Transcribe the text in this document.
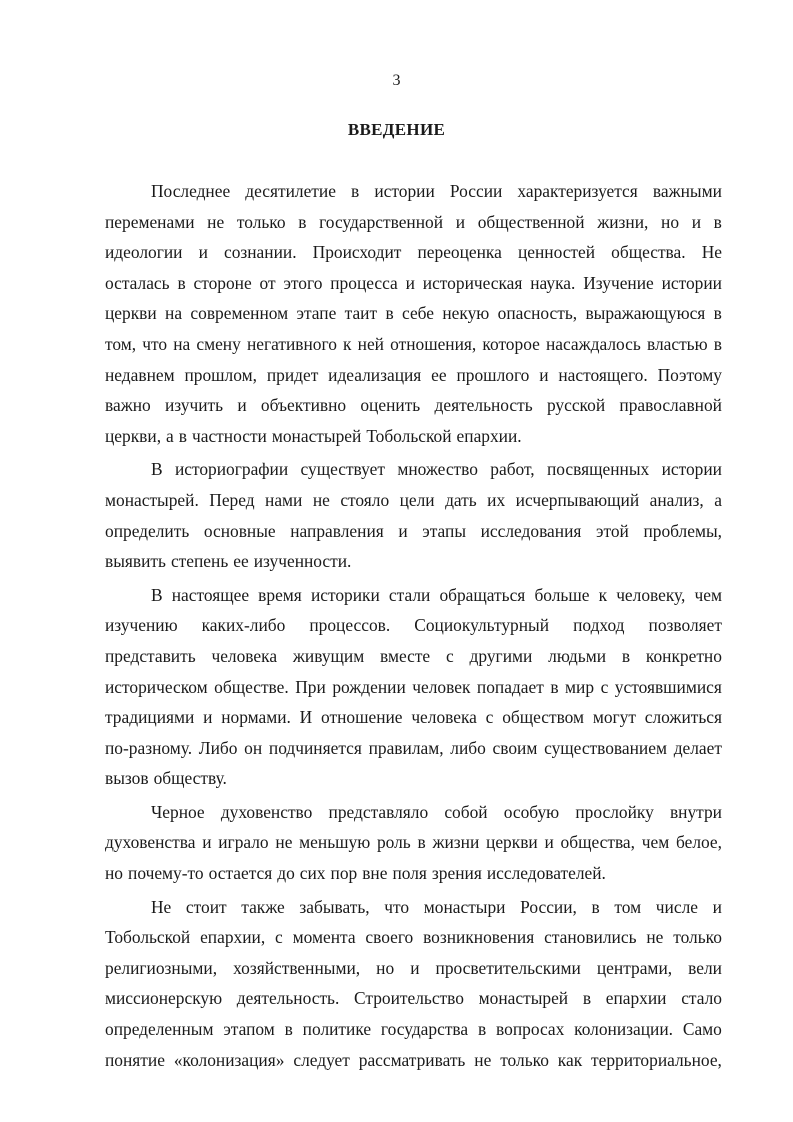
3
ВВЕДЕНИЕ
Последнее десятилетие в истории России характеризуется важными
переменами не только в государственной и общественной жизни, но и в
идеологии и сознании. Происходит переоценка ценностей общества. Не
осталась в стороне от этого процесса и историческая наука. Изучение истории
церкви на современном этапе таит в себе некую опасность, выражающуюся в
том, что на смену негативного к ней отношения, которое насаждалось властью в
недавнем прошлом, придет идеализация ее прошлого и настоящего. Поэтому
важно изучить и объективно оценить деятельность русской православной
церкви, а в частности монастырей Тобольской епархии.
В историографии существует множество работ, посвященных истории
монастырей. Перед нами не стояло цели дать их исчерпывающий анализ, а
определить основные направления и этапы исследования этой проблемы,
выявить степень ее изученности.
В настоящее время историки стали обращаться больше к человеку, чем
изучению каких-либо процессов. Социокультурный подход позволяет
представить человека живущим вместе с другими людьми в конкретно
историческом обществе. При рождении человек попадает в мир с устоявшимися
традициями и нормами. И отношение человека с обществом могут сложиться
по-разному. Либо он подчиняется правилам, либо своим существованием делает
вызов обществу.
Черное духовенство представляло собой особую прослойку внутри
духовенства и играло не меньшую роль в жизни церкви и общества, чем белое,
но почему-то остается до сих пор вне поля зрения исследователей.
Не стоит также забывать, что монастыри России, в том числе и
Тобольской епархии, с момента своего возникновения становились не только
религиозными, хозяйственными, но и просветительскими центрами, вели
миссионерскую деятельность. Строительство монастырей в епархии стало
определенным этапом в политике государства в вопросах колонизации. Само
понятие «колонизация» следует рассматривать не только как территориальное,
